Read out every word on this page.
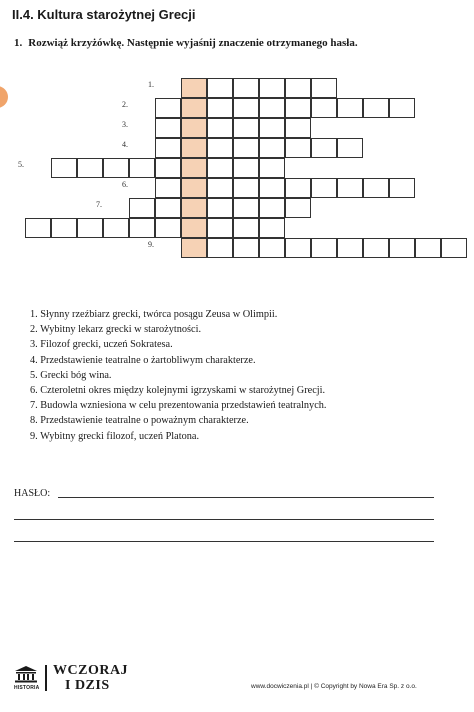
II.4. Kultura starożytnej Grecji
1. Rozwiąż krzyżówkę. Następnie wyjaśnij znaczenie otrzymanego hasła.
1.
2.
3.
4.
5.
6.
7.
9.
1. Słynny rzeźbiarz grecki, twórca posągu Zeusa w Olimpii.
2. Wybitny lekarz grecki w starożytności.
3. Filozof grecki, uczeń Sokratesa.
4. Przedstawienie teatralne o żartobliwym charakterze.
5. Grecki bóg wina.
6. Czteroletni okres między kolejnymi igrzyskami w starożytnej Grecji.
7. Budowla wzniesiona w celu prezentowania przedstawień teatralnych.
8. Przedstawienie teatralne o poważnym charakterze.
9. Wybitny grecki filozof, uczeń Platona.
HASŁO:
HISTORIA
WCZORAJ
I DZIS	www.docwiczenia.pl | © Copyright by Nowa Era Sp. z o.o.
